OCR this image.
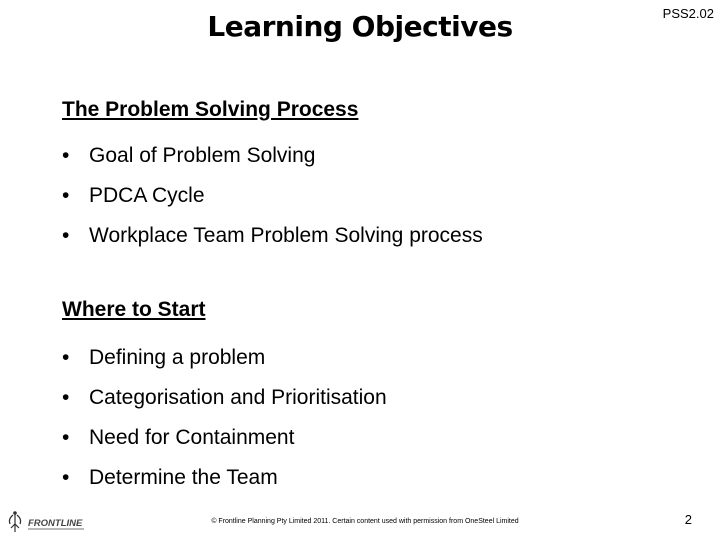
Learning Objectives	PSS2.02
The Problem Solving Process
• Goal of Problem Solving
• PDCA Cycle
• Workplace Team Problem Solving process
Where to Start
• Defining a problem
• Categorisation and Prioritisation
• Need for Containment
• Determine the Team
FRONTLINE	© Frontline Planning Pty Limited 2011. Certain content used with permission from OneSteel Limited	2
